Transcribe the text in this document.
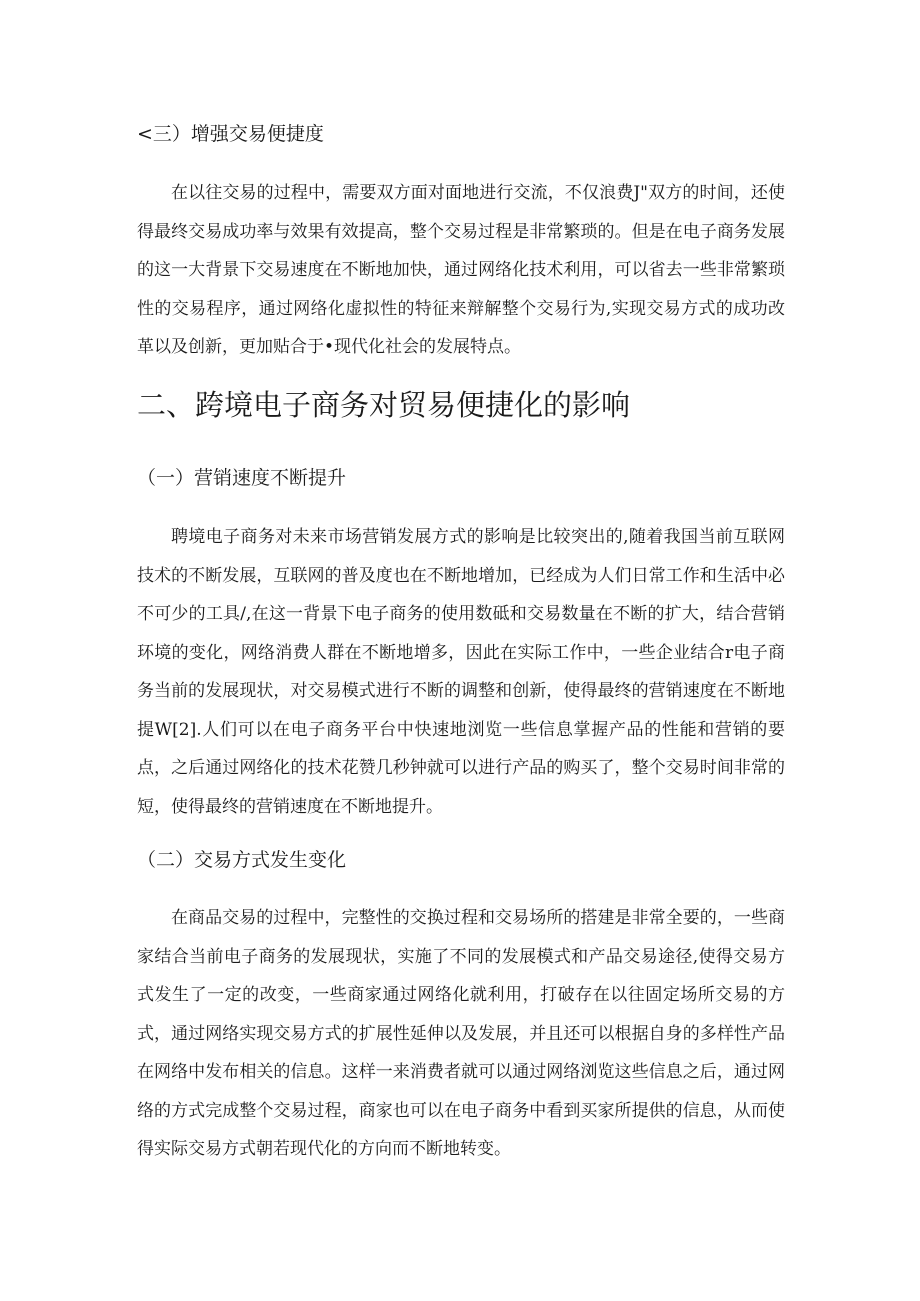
<三）增强交易便捷度

在以往交易的过程中，需要双方面对面地进行交流，不仅浪费J"双方的时间，还使得最终交易成功率与效果有效提高，整个交易过程是非常繁琐的。但是在电子商务发展的这一大背景下交易速度在不断地加快，通过网络化技术利用，可以省去一些非常繁琐性的交易程序，通过网络化虚拟性的特征来辩解整个交易行为,实现交易方式的成功改革以及创新，更加贴合于•现代化社会的发展特点。

二、跨境电子商务对贸易便捷化的影响
（一）营销速度不断提升

聘境电子商务对未来市场营销发展方式的影响是比较突出的,随着我国当前互联网技术的不断发展，互联网的普及度也在不断地增加，已经成为人们日常工作和生活中必不可少的工具/,在这一背景下电子商务的使用数砥和交易数量在不断的扩大，结合营销环境的变化，网络消费人群在不断地增多，因此在实际工作中，一些企业结合r电子商务当前的发展现状，对交易模式进行不断的调整和创新，使得最终的营销速度在不断地提W[2].人们可以在电子商务平台中快速地浏览一些信息掌握产品的性能和营销的要点，之后通过网络化的技术花赞几秒钟就可以进行产品的购买了，整个交易时间非常的短，使得最终的营销速度在不断地提升。

（二）交易方式发生变化

在商品交易的过程中，完整性的交换过程和交易场所的搭建是非常全要的，一些商家结合当前电子商务的发展现状，实施了不同的发展模式和产品交易途径,使得交易方式发生了一定的改变，一些商家通过网络化就利用，打破存在以往固定场所交易的方式，通过网络实现交易方式的扩展性延伸以及发展，并且还可以根据自身的多样性产品在网络中发布相关的信息。这样一来消费者就可以通过网络浏览这些信息之后，通过网络的方式完成整个交易过程，商家也可以在电子商务中看到买家所提供的信息，从而使得实际交易方式朝若现代化的方向而不断地转变。
